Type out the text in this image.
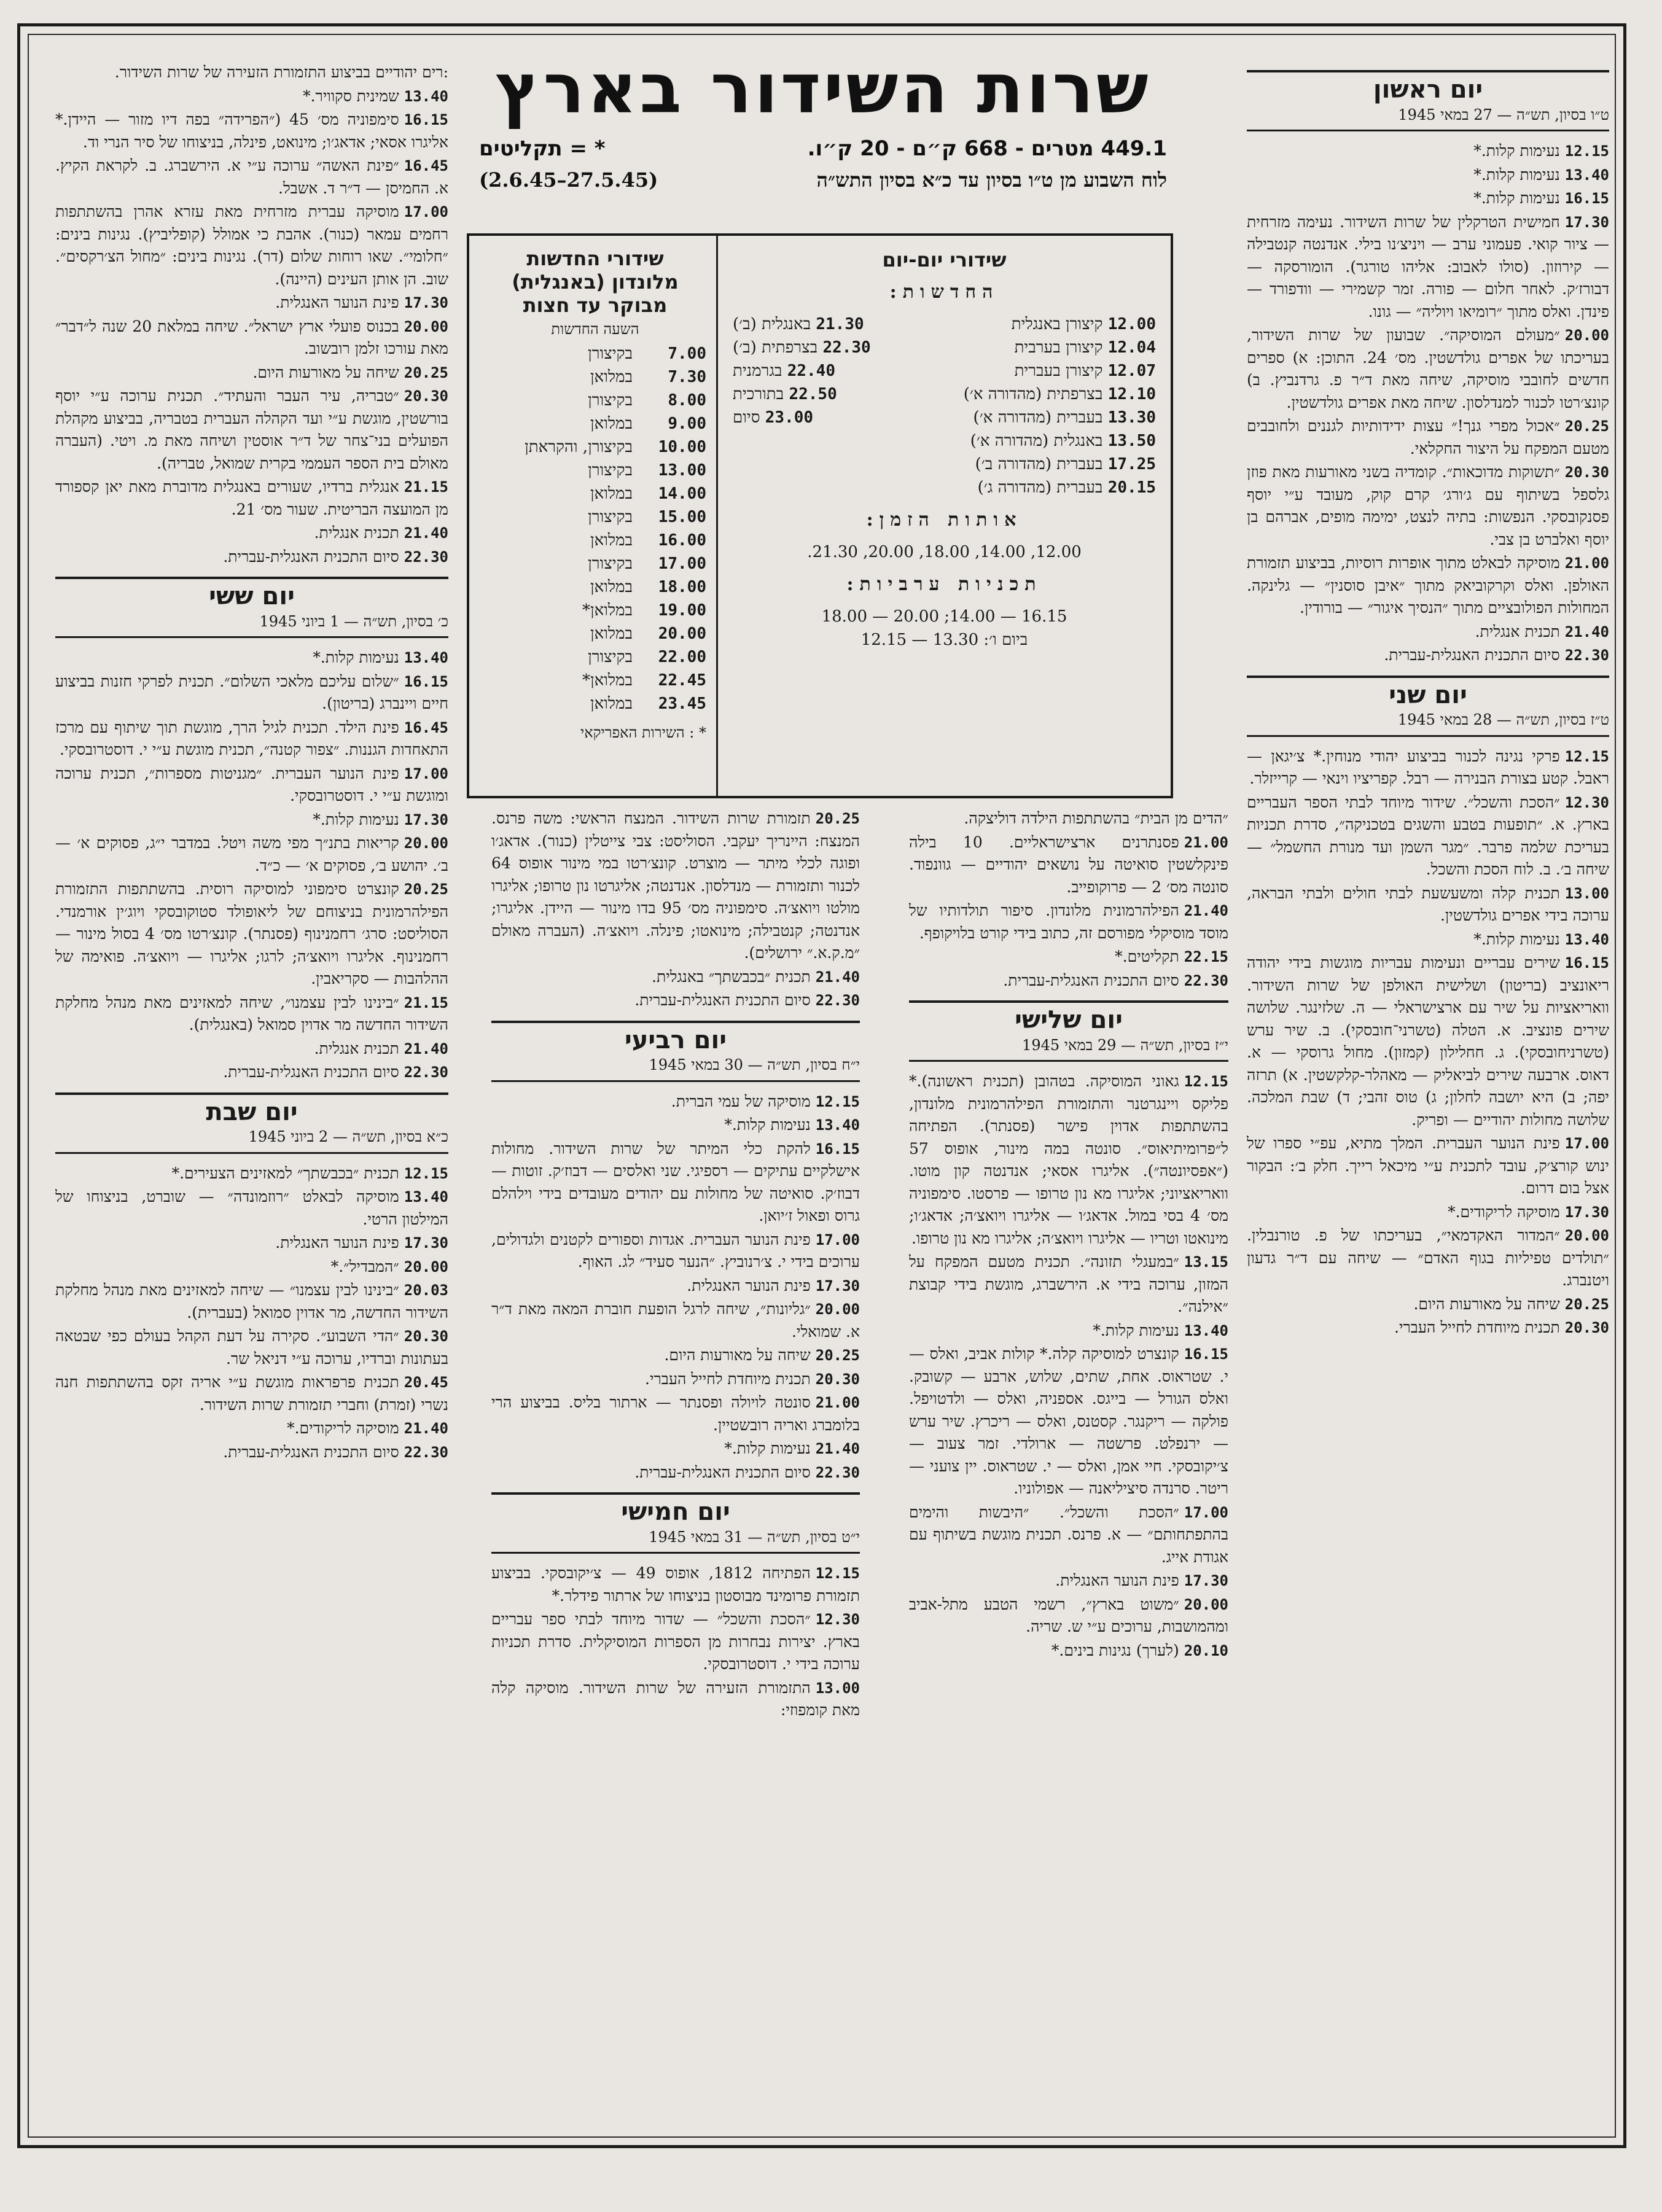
שרות השידור בארץ
449.1 מטרים - 668 ק״ם - 20 ק״ו.
* = תקליטים
לוח השבוע מן ט״ו בסיון עד כ״א בסיון התש״ה
(27.5.45–2.6.45)
שידורי יום-יום
החדשות:
12.00 קיצורן באנגלית
21.30 באנגלית (ב׳)
12.04 קיצורן בערבית
22.30 בצרפתית (ב׳)
12.07 קיצורן בעברית
22.40 בגרמנית
12.10 בצרפתית (מהדורה א׳)
22.50 בתורכית
13.30 בעברית (מהדורה א׳)
23.00 סיום
13.50 באנגלית (מהדורה א׳)
17.25 בעברית (מהדורה ב׳)
20.15 בעברית (מהדורה ג׳)
אותות הזמן:
12.00, 14.00, 18.00, 20.00, 21.30.
תכניות ערביות:
16.15 — 14.00; 20.00 — 18.00
ביום ו׳: 13.30 — 12.15
שידורי החדשות
מלונדון (באנגלית)
מבוקר עד חצות
השעה החדשות
7.00בקיצורן
7.30במלואן
8.00בקיצורן
9.00במלואן
10.00בקיצורן, והקראתן
13.00בקיצורן
14.00במלואן
15.00בקיצורן
16.00במלואן
17.00בקיצורן
18.00במלואן
19.00במלואן*
20.00במלואן
22.00בקיצורן
22.45במלואן*
23.45במלואן
* : השירות האפריקאי
יום ראשון
ט״ו בסיון, תש״ה — 27 במאי 1945

12.15נעימות קלות.*

13.40נעימות קלות.*

16.15נעימות קלות.*

17.30חמישית הטרקלין של שרות השידור. נעימה מזרחית — ציור קואי. פעמוני ערב — ויניצ׳נו בילי. אנדנטה קנטבילה — קירוזון. (סולו לאבוב: אליהו טורגר). הומורסקה — דבורז׳ק. לאחר חלום — פורה. זמר קשמירי — וודפורד — פינדן. ואלס מתוך ״רומיאו ויוליה״ — גונו.

20.00״מעולם המוסיקה״. שבועון של שרות השידור, בעריכתו של אפרים גולדשטין. מס׳ 24. התוכן: א) ספרים חדשים לחובבי מוסיקה, שיחה מאת ד״ר פ. גרדנביץ. ב) קונצ׳רטו לכנור למנדלסון. שיחה מאת אפרים גולדשטין.

20.25״אכול מפרי גנך!״ עצות ידידותיות לגננים ולחובבים מטעם המפקח על היצור החקלאי.

20.30״תשוקות מדוכאות״. קומדיה בשני מאורעות מאת פוזן גלספל בשיתוף עם ג׳ורג׳ קרם קוק, מעובד ע״י יוסף פסנקובסקי. הנפשות: בתיה לנצט, ימימה מופים, אברהם בן יוסף ואלברט בן צבי.

21.00מוסיקה לבאלט מתוך אופרות רוסיות, בביצוע תזמורת האולפן. ואלס וקרקוביאק מתוך ״איבן סוסנין״ — גלינקה. המחולות הפולובציים מתוך ״הנסיך איגור״ — בורודין.

21.40תכנית אנגלית.

22.30סיום התכנית האנגלית-עברית.

יום שני
ט״ז בסיון, תש״ה — 28 במאי 1945

12.15פרקי נגינה לכנור בביצוע יהודי מנוחין.* צ׳יגאן — ראבל. קטע בצורת הבנירה — רבל. קפריציו וינאי — קרייזלר.

12.30״הסכת והשכל״. שידור מיוחד לבתי הספר העבריים בארץ. א. ״תופעות בטבע והשגים בטכניקה״, סדרת תכניות בעריכת שלמה פרבר. ״מגר השמן ועד מנורת החשמל״ — שיחה ב׳. ב. לוח הסכת והשכל.

13.00תכנית קלה ומשעשעת לבתי חולים ולבתי הבראה, ערוכה בידי אפרים גולדשטין.

13.40נעימות קלות.*

16.15שירים עבריים ונעימות עבריות מוגשות בידי יהודה ריאונציב (בריטון) ושלישית האולפן של שרות השידור. וואריאציות על שיר עם ארצישראלי — ה. שלזינגר. שלושה שירים פונציב. א. הטלה (טשרני־חובסקי). ב. שיר ערש (טשרניחובסקי). ג. חחלילון (קמזון). מחול גרוסקי — א. דאוס. ארבעה שירים לביאליק — מאהלר-קלקשטין. א) תרזה יפה; ב) היא יושבה לחלון; ג) טוס זהבי; ד) שבת המלכה. שלושה מחולות יהודיים — ופריק.

17.00פינת הנוער העברית. המלך מתיא, עפ״י ספרו של ינוש קורצ׳ק, עובד לתכנית ע״י מיכאל רייך. חלק ב׳: הבקור אצל בום דרום.

17.30מוסיקה לריקודים.*

20.00״המדור האקדמאי״, בעריכתו של פ. טורנבלין. ״תולדים טפיליות בגוף האדם״ — שיחה עם ד״ר גדעון ויטנברג.

20.25שיחה על מאורעות היום.

20.30תכנית מיוחדת לחייל העברי.

״הדים מן הבית״ בהשתתפות הילדה דוליצקה.

21.00פסנתרנים ארצישראליים. 10 בילה פינקלשטין סואיטה על נושאים יהודיים — גוונפוד. סונטה מס׳ 2 — פרוקופייב.

21.40הפילהרמונית מלונדון. סיפור תולדותיו של מוסד מוסיקלי מפורסם זה, כתוב בידי קורט בלויקופף.

22.15תקליטים.*

22.30סיום התכנית האנגלית-עברית.

יום שלישי
י״ז בסיון, תש״ה — 29 במאי 1945

12.15גאוני המוסיקה. בטהובן (תכנית ראשונה).* פליקס ויינגרטנר והתזמורת הפילהרמונית מלונדון, בהשתתפות אדוין פישר (פסנתר). הפתיחה ל״פרומיתיאוס״. סונטה במה מינור, אופוס 57 (״אפסיונטה״). אליגרו אסאי; אנדנטה קון מוטו. וואריאציוני; אליגרו מא נון טרופו — פרסטו. סימפוניה מס׳ 4 בסי במול. אדאג׳ו — אליגרו ויואצ׳ה; אדאג׳ו; מינואטו וטריו — אליגרו ויואצ׳ה; אליגרו מא נון טרופו.

13.15״במעגלי תזונה״. תכנית מטעם המפקח על המזון, ערוכה בידי א. הירשברג, מוגשת בידי קבוצת ״אילנה״.

13.40נעימות קלות.*

16.15קונצרט למוסיקה קלה.* קולות אביב, ואלס — י. שטראוס. אחת, שתים, שלוש, ארבע — קשובק. ואלס הגורל — בייגס. אספניה, ואלס — ולדטויפל. פולקה — ריקנגר. קסטנס, ואלס — ריכרץ. שיר ערש — ירנפלט. פרשטה — ארולדי. זמר צעוב — צ׳יקובסקי. חיי אמן, ואלס — י. שטראוס. יין צועני — ריטר. סרנדה סיציליאנה — אפולוניו.

17.00״הסכת והשכל״. ״היבשות והימים בהתפתחותם״ — א. פרנס. תכנית מוגשת בשיתוף עם אגודת אייג.

17.30פינת הנוער האנגלית.

20.00״משוט בארץ״, רשמי הטבע מתל-אביב ומהמושבות, ערוכים ע״י ש. שריה.

20.10(לערך) נגינות בינים.*

20.25תזמורת שרות השידור. המנצח הראשי: משה פרנס. המנצח: היינריך יעקבי. הסוליסט: צבי צייטלין (כנור). אדאג׳ו ופוגה לכלי מיתר — מוצרט. קונצ׳רטו במי מינור אופוס 64 לכנור ותזמורת — מנדלסון. אנדנטה; אליגרטו נון טרופו; אליגרו מולטו ויואצ׳ה. סימפוניה מס׳ 95 בדו מינור — היידן. אליגרו; אנדנטה; קנטבילה; מינואטו; פינלה. ויואצ׳ה. (העברה מאולם ״מ.ק.א.״ ירושלים).

21.40תכנית ״בכבשתך״ באנגלית.

22.30סיום התכנית האנגלית-עברית.

יום רביעי
י״ח בסיון, תש״ה — 30 במאי 1945

12.15מוסיקה של עמי הברית.

13.40נעימות קלות.*

16.15להקת כלי המיתר של שרות השידור. מחולות אישלקיים עתיקים — רספיגי. שני ואלסים — דבוז׳ק. זוטות — דבוז׳ק. סואיטה של מחולות עם יהודים מעובדים בידי וילהלם גרוס ופאול ז׳יואן.

17.00פינת הנוער העברית. אגדות וספורים לקטנים ולגדולים, ערוכים בידי י. צ׳רנוביץ. ״הנער סעיד״ לג. האוף.

17.30פינת הנוער האנגלית.

20.00״גליונות״, שיחה לרגל הופעת חוברת המאה מאת ד״ר א. שמואלי.

20.25שיחה על מאורעות היום.

20.30תכנית מיוחדת לחייל העברי.

21.00סונטה לויולה ופסנתר — ארתור בליס. בביצוע הרי בלומברג ואריה רובשטיין.

21.40נעימות קלות.*

22.30סיום התכנית האנגלית-עברית.

יום חמישי
י״ט בסיון, תש״ה — 31 במאי 1945

12.15הפתיחה 1812, אופוס 49 — צ׳יקובסקי. בביצוע תזמורת פרומינד מבוסטון בניצוחו של ארתור פידלר.*

12.30״הסכת והשכל״ — שדור מיוחד לבתי ספר עבריים בארץ. יצירות נבחרות מן הספרות המוסיקלית. סדרת תכניות ערוכה בידי י. דוסטרובסקי.

13.00התזמורת הזעירה של שרות השידור. מוסיקה קלה מאת קומפוזי:

:רים יהודיים בביצוע התזמורת הזעירה של שרות השידור.

13.40שמינית סקוויר.*

16.15סימפוניה מס׳ 45 (״הפרידה״ בפה דיו מזור — היידן.* אליגרו אסאי; אדאג׳ו; מינואט, פינלה, בניצוחו של סיר הנרי וד.

16.45״פינת האשה״ ערוכה ע״י א. הירשברג. ב. לקראת הקיץ. א. החמיסן — ד״ר ד. אשבל.

17.00מוסיקה עברית מזרחית מאת עזרא אהרן בהשתתפות רחמים עמאר (כנור). אהבת כי אמולל (קופליביץ). נגינות בינים: ״חלומי״. שאו רוחות שלום (דר). נגינות בינים: ״מחול הצ׳רקסים״. שוב. הן אותן העינים (היינה).

17.30פינת הנוער האנגלית.

20.00בכנוס פועלי ארץ ישראל״. שיחה במלאת 20 שנה ל״דבר״ מאת עורכו זלמן רובשוב.

20.25שיחה על מאורעות היום.

20.30״טבריה, עיר העבר והעתיד״. תכנית ערוכה ע״י יוסף בורשטין, מוגשת ע״י ועד הקהלה העברית בטבריה, בביצוע מקהלת הפועלים בני־צחר של ד״ר אוסטין ושיחה מאת מ. ויטי. (העברה מאולם בית הספר העממי בקרית שמואל, טבריה).

21.15אנגלית ברדיו, שעורים באנגלית מדוברת מאת יאן קספורד מן המועצה הבריטית. שעור מס׳ 21.

21.40תכנית אנגלית.

22.30סיום התכנית האנגלית-עברית.

יום ששי
כ׳ בסיון, תש״ה — 1 ביוני 1945

13.40נעימות קלות.*

16.15״שלום עליכם מלאכי השלום״. תכנית לפרקי חזנות בביצוע חיים ויינברג (בריטון).

16.45פינת הילד. תכנית לגיל הרך, מוגשת תוך שיתוף עם מרכז התאחדות הגננות. ״צפור קטנה״, תכנית מוגשת ע״י י. דוסטרובסקי.

17.00פינת הנוער העברית. ״מגניטות מספרות״, תכנית ערוכה ומוגשת ע״י י. דוסטרובסקי.

17.30נעימות קלות.*

20.00קריאות בתנ״ך מפי משה ויטל. במדבר י״ג, פסוקים א׳ — ב׳. יהושע ב׳, פסוקים א׳ — כ״ד.

20.25קונצרט סימפוני למוסיקה רוסית. בהשתתפות התזמורת הפילהרמונית בניצוחם של ליאופולד סטוקובסקי ויוג׳ין אורמנדי. הסוליסט: סרג׳ רחמנינוף (פסנתר). קונצ׳רטו מס׳ 4 בסול מינור — רחמנינוף. אליגרו ויואצ׳ה; לרגו; אליגרו — ויואצ׳ה. פואימה של ההלהבות — סקריאבין.

21.15״בינינו לבין עצמנו״, שיחה למאזינים מאת מנהל מחלקת השידור החדשה מר אדוין סמואל (באנגלית).

21.40תכנית אנגלית.

22.30סיום התכנית האנגלית-עברית.

יום שבת
כ״א בסיון, תש״ה — 2 ביוני 1945

12.15תכנית ״בכבשתך״ למאזינים הצעירים.*

13.40מוסיקה לבאלט ״רוזמונדה״ — שוברט, בניצוחו של המילטון הרטי.

17.30פינת הנוער האנגלית.

20.00״המבדיל״.*

20.03״בינינו לבין עצמנו״ — שיחה למאזינים מאת מנהל מחלקת השידור החדשה, מר אדוין סמואל (בעברית).

20.30״הדי השבוע״. סקירה על דעת הקהל בעולם כפי שבטאה בעתונות וברדיו, ערוכה ע״י דניאל שר.

20.45תכנית פרפראות מוגשת ע״י אריה זקס בהשתתפות חנה נשרי (זמרת) וחברי תזמורת שרות השידור.

21.40מוסיקה לריקודים.*

22.30סיום התכנית האנגלית-עברית.
